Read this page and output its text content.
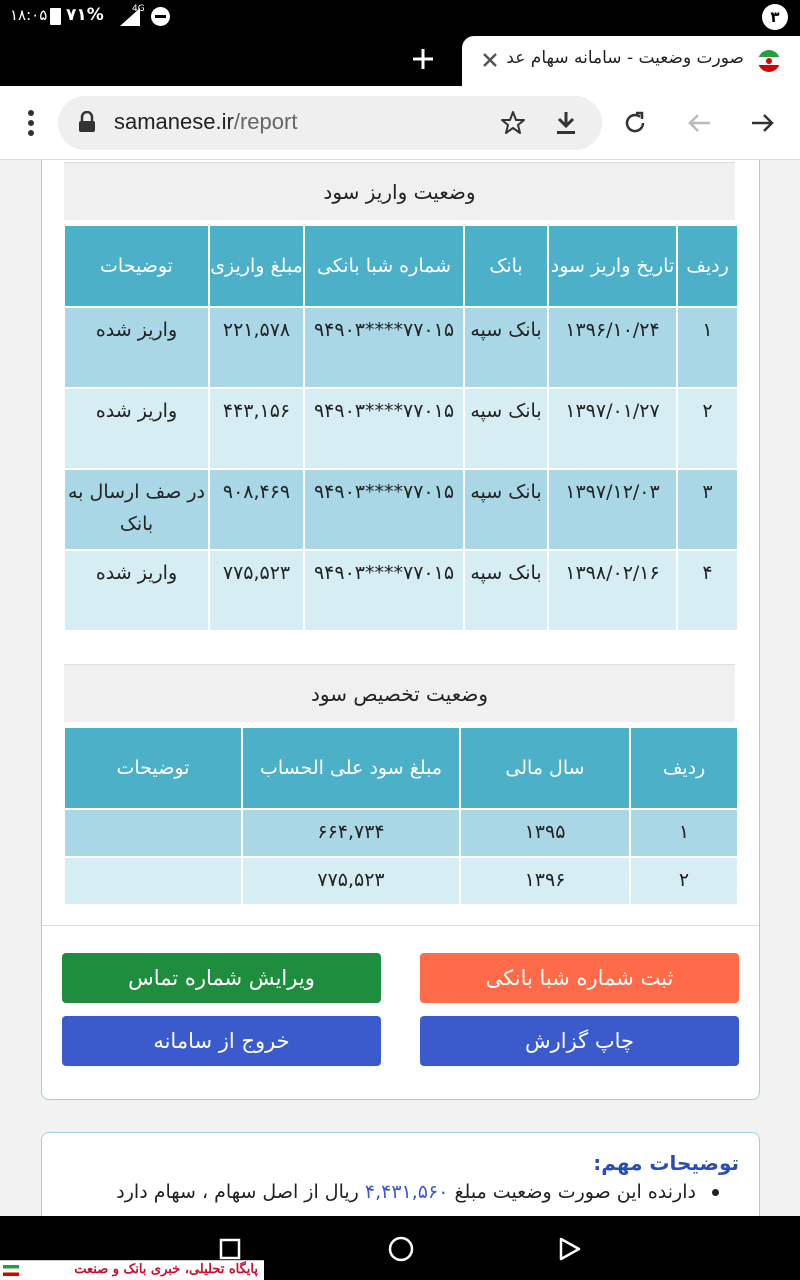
۱۸:۰۵ ۷۱%	4G	۳
صورت وضعیت - سامانه سهام عد
samanese.ir/report
وضعیت واریز سود
ردیف	تاریخ واریز سود	بانک	شماره شبا بانکی	مبلغ واریزی	توضیحات
۱	۱۳۹۶/۱۰/۲۴	بانک سپه	۷۷۰۱۵****۹۴۹۰۳	۲۲۱,۵۷۸	واریز شده
۲	۱۳۹۷/۰۱/۲۷	بانک سپه	۷۷۰۱۵****۹۴۹۰۳	۴۴۳,۱۵۶	واریز شده
۳	۱۳۹۷/۱۲/۰۳	بانک سپه	۷۷۰۱۵****۹۴۹۰۳	۹۰۸,۴۶۹	در صف ارسال به بانک
۴	۱۳۹۸/۰۲/۱۶	بانک سپه	۷۷۰۱۵****۹۴۹۰۳	۷۷۵,۵۲۳	واریز شده
وضعیت تخصیص سود
ردیف	سال مالی	مبلغ سود علی الحساب	توضیحات
۱	۱۳۹۵	۶۶۴,۷۳۴	
۲	۱۳۹۶	۷۷۵,۵۲۳	
ثبت شماره شبا بانکی
ویرایش شماره تماس
چاپ گزارش
خروج از سامانه
توضیحات مهم:
دارنده این صورت وضعیت مبلغ ۴,۴۳۱,۵۶۰ ریال از اصل سهام ، سهام دارد
پایگاه تحلیلی، خبری بانک و صنعت
